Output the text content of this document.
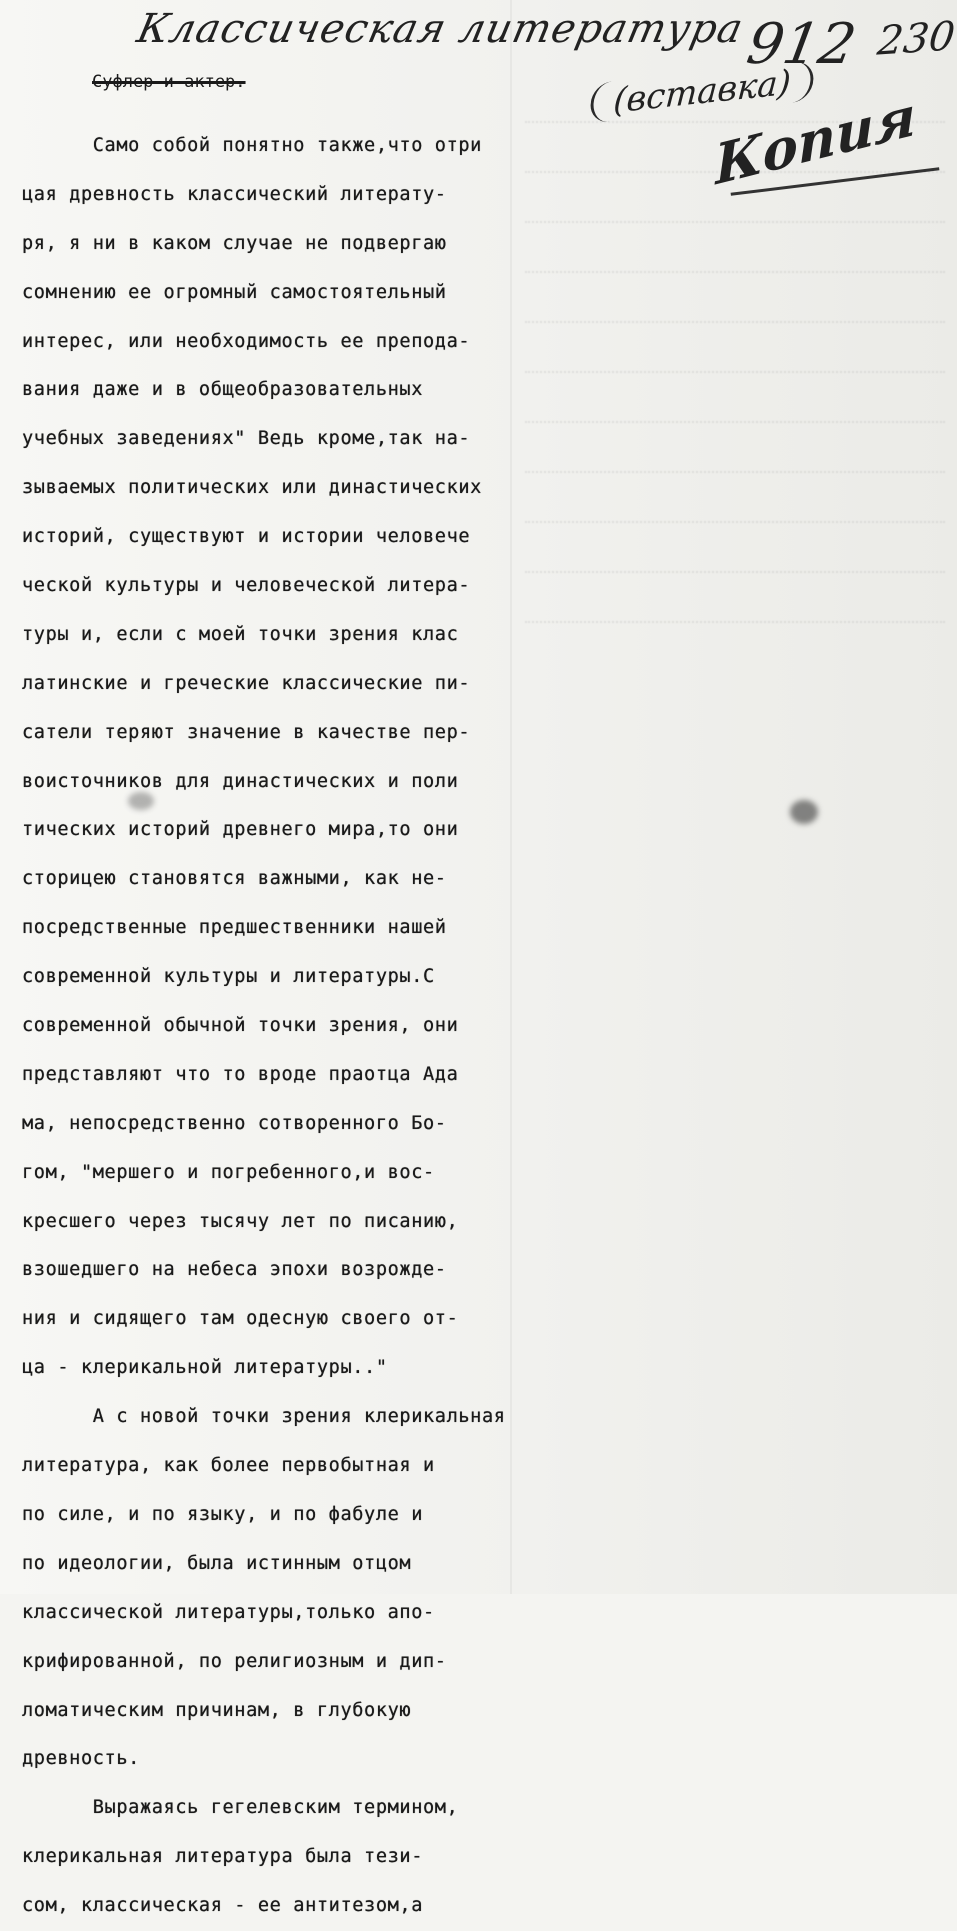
Классическая литература
912 230
(вставка)
Копия
Суфлер и актер.
Само собой понятно также,что отри
цая древность классический литерату-
ря, я ни в каком случае не подвергаю
сомнению ее огромный самостоятельный
интерес, или необходимость ее препода-
вания даже и в общеобразовательных
учебных заведениях" Ведь кроме,так на-
зываемых политических или династических
историй, существуют и истории человече
ческой культуры и человеческой литера-
туры и, если с моей точки зрения клас
латинские и греческие классические пи-
сатели теряют значение в качестве пер-
воисточников для династических и поли
тических историй древнего мира,то они
сторицею становятся важными, как не-
посредственные предшественники нашей
современной культуры и литературы.С
современной обычной точки зрения, они
представляют что то вроде праотца Ада
ма, непосредственно сотворенного Бо-
гом, "мершего и погребенного,и вос-
кресшего через тысячу лет по писанию,
взошедшего на небеса эпохи возрожде-
ния и сидящего там одесную своего от-
ца - клерикальной литературы.."
А с новой точки зрения клерикальная
литература, как более первобытная и
по силе, и по языку, и по фабуле и
по идеологии, была истинным отцом
классической литературы,только апо-
крифированной, по религиозным и дип-
ломатическим причинам, в глубокую
древность.
Выражаясь гегелевским термином,
клерикальная литература была тези-
сом, классическая - ее антитезом,а
